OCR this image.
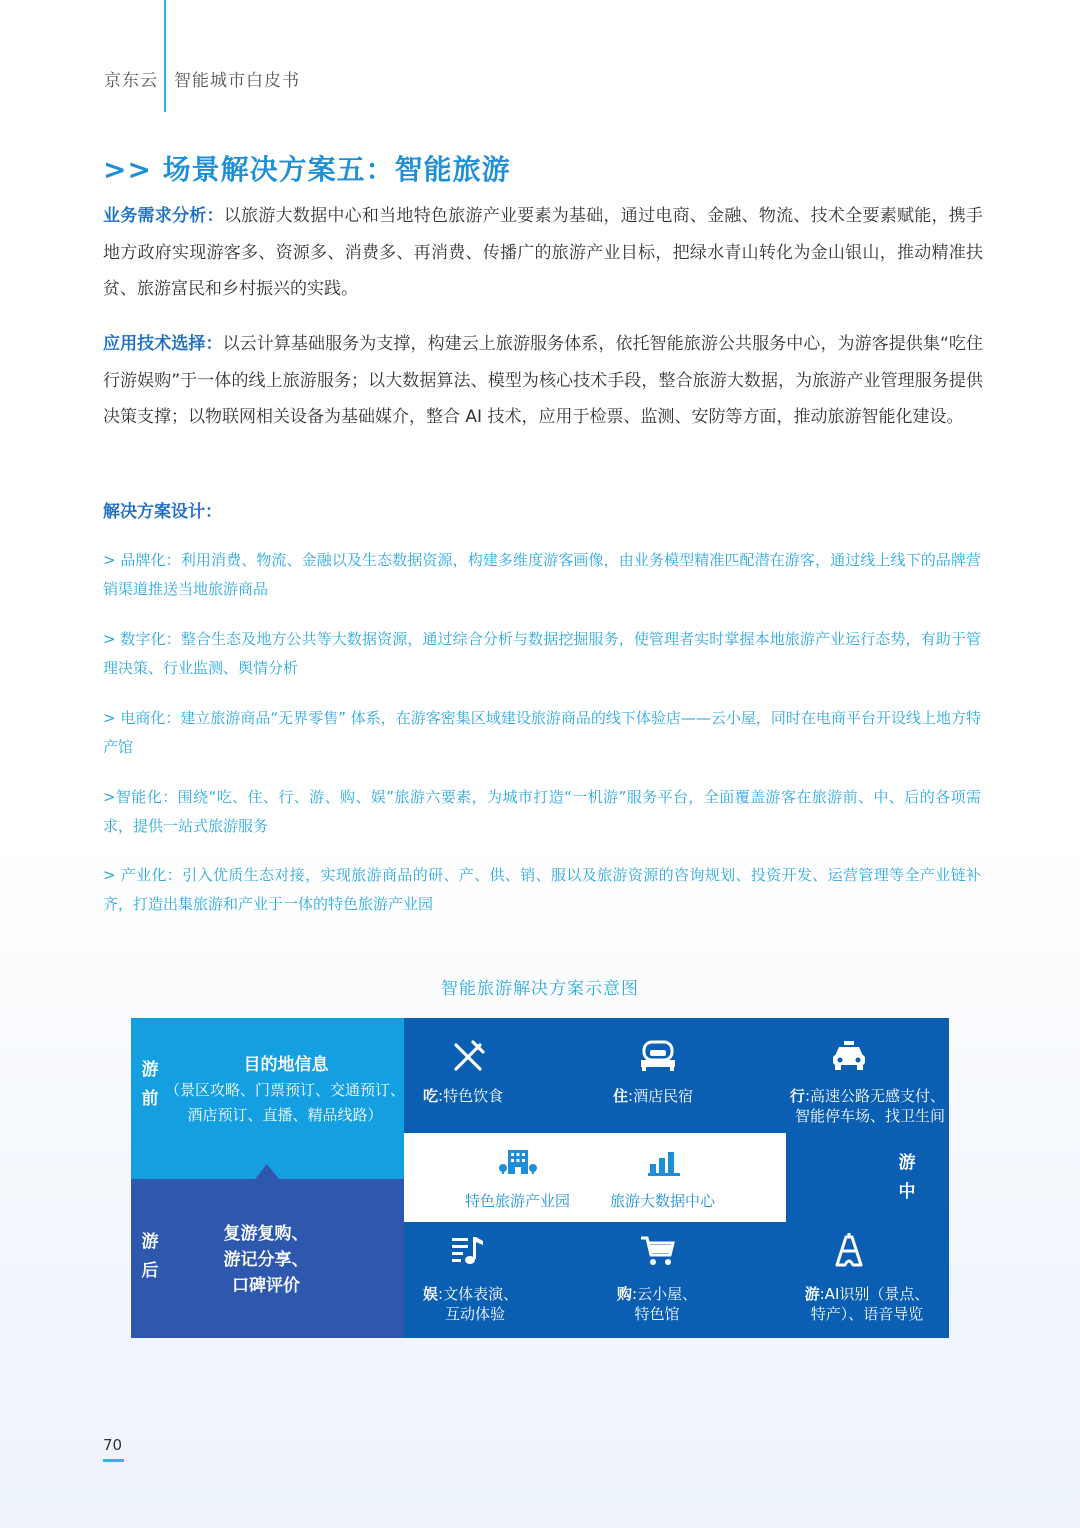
京东云 智能城市白皮书
>> 场景解决方案五：智能旅游

业务需求分析：以旅游大数据中心和当地特色旅游产业要素为基础，通过电商、金融、物流、技术全要素赋能，携手地方政府实现游客多、资源多、消费多、再消费、传播广的旅游产业目标，把绿水青山转化为金山银山，推动精准扶贫、旅游富民和乡村振兴的实践。

应用技术选择：以云计算基础服务为支撑，构建云上旅游服务体系，依托智能旅游公共服务中心，为游客提供集“吃住行游娱购”于一体的线上旅游服务；以大数据算法、模型为核心技术手段，整合旅游大数据，为旅游产业管理服务提供决策支撑；以物联网相关设备为基础媒介，整合 AI 技术，应用于检票、监测、安防等方面，推动旅游智能化建设。

解决方案设计：

> 品牌化：利用消费、物流、金融以及生态数据资源，构建多维度游客画像，由业务模型精准匹配潜在游客，通过线上线下的品牌营销渠道推送当地旅游商品

> 数字化：整合生态及地方公共等大数据资源，通过综合分析与数据挖掘服务，使管理者实时掌握本地旅游产业运行态势，有助于管理决策、行业监测、舆情分析

> 电商化：建立旅游商品“无界零售” 体系，在游客密集区域建设旅游商品的线下体验店——云小屋，同时在电商平台开设线上地方特产馆

>智能化：围绕“吃、住、行、游、购、娱”旅游六要素，为城市打造“一机游”服务平台，全面覆盖游客在旅游前、中、后的各项需求，提供一站式旅游服务

> 产业化：引入优质生态对接，实现旅游商品的研、产、供、销、服以及旅游资源的咨询规划、投资开发、运营管理等全产业链补齐，打造出集旅游和产业于一体的特色旅游产业园

智能旅游解决方案示意图
游
前
游
后
游
中
目的地信息
（景区攻略、门票预订、交通预订、
酒店预订、直播、精品线路）
复游复购、
游记分享、
口碑评价
吃:特色饮食	住:酒店民宿	行:高速公路无感支付、
智能停车场、找卫生间
特色旅游产业园	旅游大数据中心
娱:文体表演、
互动体验
购:云小屋、
特色馆
游:AI识别（景点、
特产）、语音导览
70
